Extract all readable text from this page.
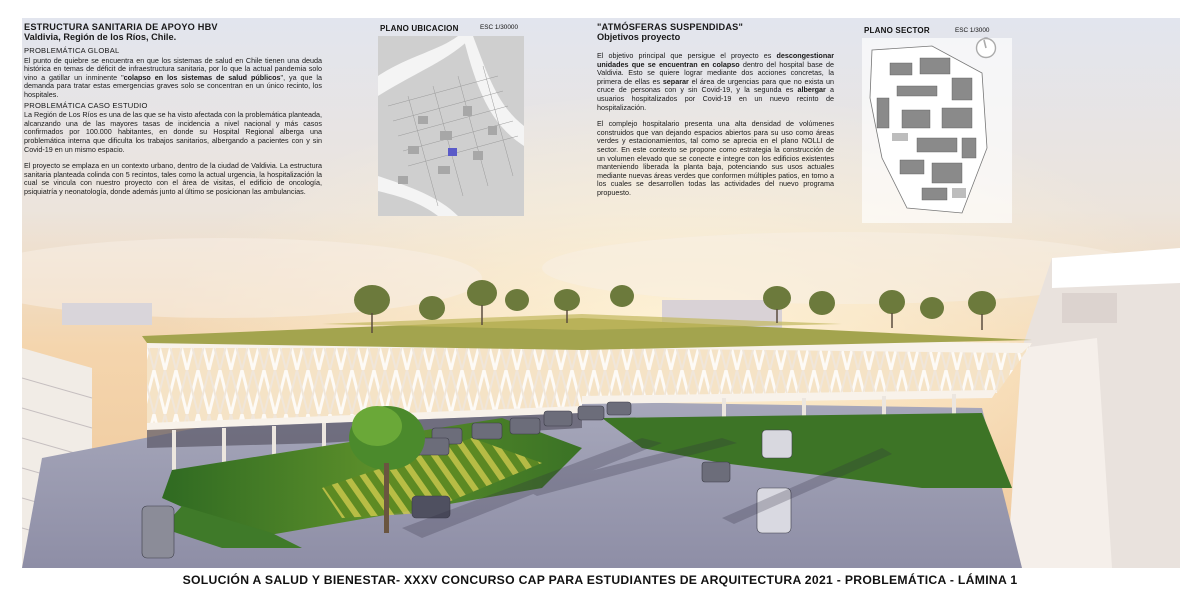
ESTRUCTURA SANITARIA DE APOYO HBV
Valdivia, Región de los Ríos, Chile.
PROBLEMÁTICA GLOBAL

El punto de quiebre se encuentra en que los sistemas de salud en Chile tienen una deuda histórica en temas de déficit de infraestructura sanitaria, por lo que la actual pandemia solo vino a gatillar un inminente "colapso en los sistemas de salud públicos", ya que la demanda para tratar estas emergencias graves solo se concentran en un único recinto, los hospitales.

PROBLEMÁTICA CASO ESTUDIO

La Región de Los Ríos es una de las que se ha visto afectada con la problemática planteada, alcanzando una de las mayores tasas de incidencia a nivel nacional y más casos confirmados por 100.000 habitantes, en donde su Hospital Regional alberga una problemática interna que dificulta los trabajos sanitarios, albergando a pacientes con y sin Covid-19 en un mismo espacio.

El proyecto se emplaza en un contexto urbano, dentro de la ciudad de Valdivia. La estructura sanitaria planteada colinda con 5 recintos, tales como la actual urgencia, la hospitalización la cual se vincula con nuestro proyecto con el área de visitas, el edificio de oncología, psiquiatría y neonatología, donde además junto al último se posicionan las ambulancias.

PLANO UBICACION	ESC 1/30000	"ATMÓSFERAS SUSPENDIDAS"
Objetivos proyecto

El objetivo principal que persigue el proyecto es descongestionar unidades que se encuentran en colapso dentro del hospital base de Valdivia. Esto se quiere lograr mediante dos acciones concretas, la primera de ellas es separar el área de urgencias para que no exista un cruce de personas con y sin Covid-19, y la segunda es albergar a usuarios hospitalizados por Covid-19 en un nuevo recinto de hospitalización.

El complejo hospitalario presenta una alta densidad de volúmenes construidos que van dejando espacios abiertos para su uso como áreas verdes y estacionamientos, tal como se aprecia en el plano NOLLI de sector. En este contexto se propone como estrategia la construcción de un volumen elevado que se conecte e integre con los edificios existentes manteniendo liberada la planta baja, potenciando sus usos actuales mediante nuevas áreas verdes que conformen múltiples patios, en torno a los cuales se desarrollen todas las actividades del nuevo programa propuesto.

PLANO SECTOR	ESC 1/3000
SOLUCIÓN A SALUD Y BIENESTAR- XXXV CONCURSO CAP PARA ESTUDIANTES DE ARQUITECTURA 2021 - PROBLEMÁTICA - LÁMINA 1
